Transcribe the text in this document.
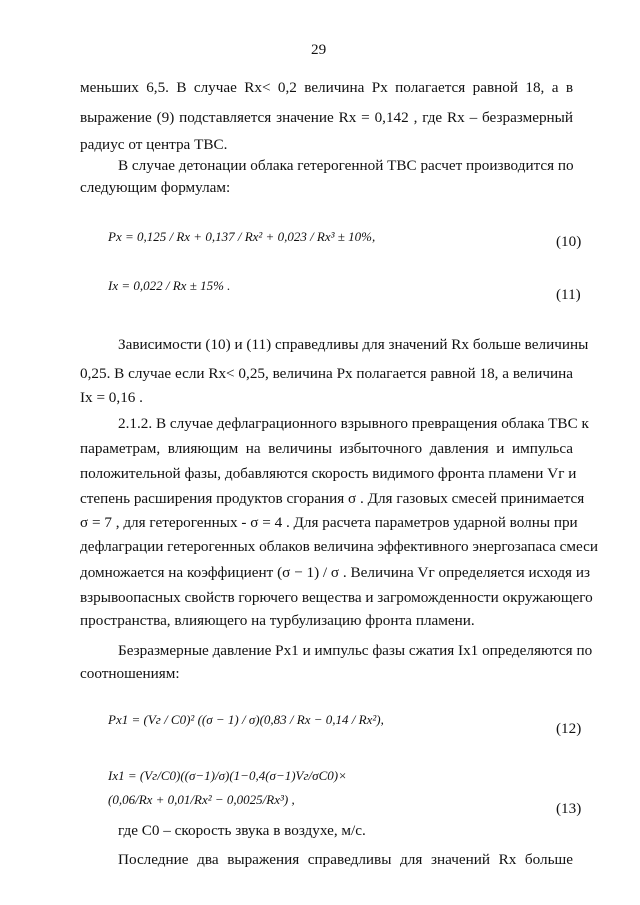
29
меньших 6,5. В случае Rx< 0,2 величина Px полагается равной 18, а в
выражение (9) подставляется значение Rx = 0,142 , где Rx – безразмерный
радиус от центра ТВС.
В случае детонации облака гетерогенной ТВС расчет производится по
следующим формулам:
Px = 0,125 / Rx + 0,137 / Rx² + 0,023 / Rx³ ± 10%,	(10)
Ix = 0,022 / Rx ± 15% .
(11)
Зависимости (10) и (11) справедливы для значений Rx больше величины
0,25. В случае если Rx< 0,25, величина Px полагается равной 18, а величина
Ix = 0,16 .
2.1.2. В случае дефлаграционного взрывного превращения облака ТВС к
параметрам, влияющим на величины избыточного давления и импульса
положительной фазы, добавляются скорость видимого фронта пламени Vг и
степень расширения продуктов сгорания σ . Для газовых смесей принимается
σ = 7 , для гетерогенных - σ = 4 . Для расчета параметров ударной волны при
дефлаграции гетерогенных облаков величина эффективного энергозапаса смеси
домножается на коэффициент (σ − 1) / σ . Величина Vг определяется исходя из
взрывоопасных свойств горючего вещества и загроможденности окружающего
пространства, влияющего на турбулизацию фронта пламени.
Безразмерные давление Px1 и импульс фазы сжатия Ix1 определяются по
соотношениям:
Px1 = (Vг / C0)² ((σ − 1) / σ)(0,83 / Rx − 0,14 / Rx²),
(12)
Ix1 = (Vг/C0)((σ−1)/σ)(1−0,4(σ−1)Vг/σC0)×
(0,06/Rx + 0,01/Rx² − 0,0025/Rx³) ,
(13)
где C0 – скорость звука в воздухе, м/с.
Последние два выражения справедливы для значений Rx больше
